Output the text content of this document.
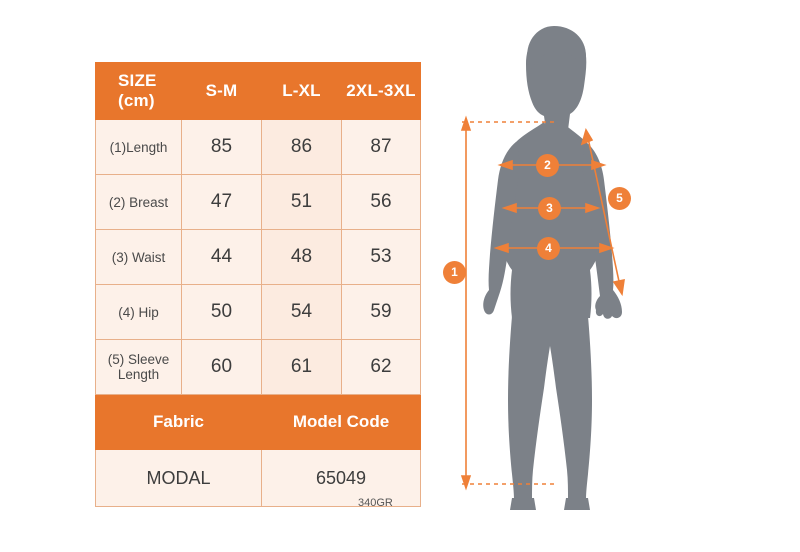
SIZE
(cm)	S-M	L-XL	2XL-3XL
(1)Length	85	86	87
(2) Breast	47	51	56
(3) Waist	44	48	53
(4) Hip	50	54	59
(5) Sleeve Length	60	61	62
Fabric		Model Code	
MODAL		65049	
340GR
1
2
3
4
5
